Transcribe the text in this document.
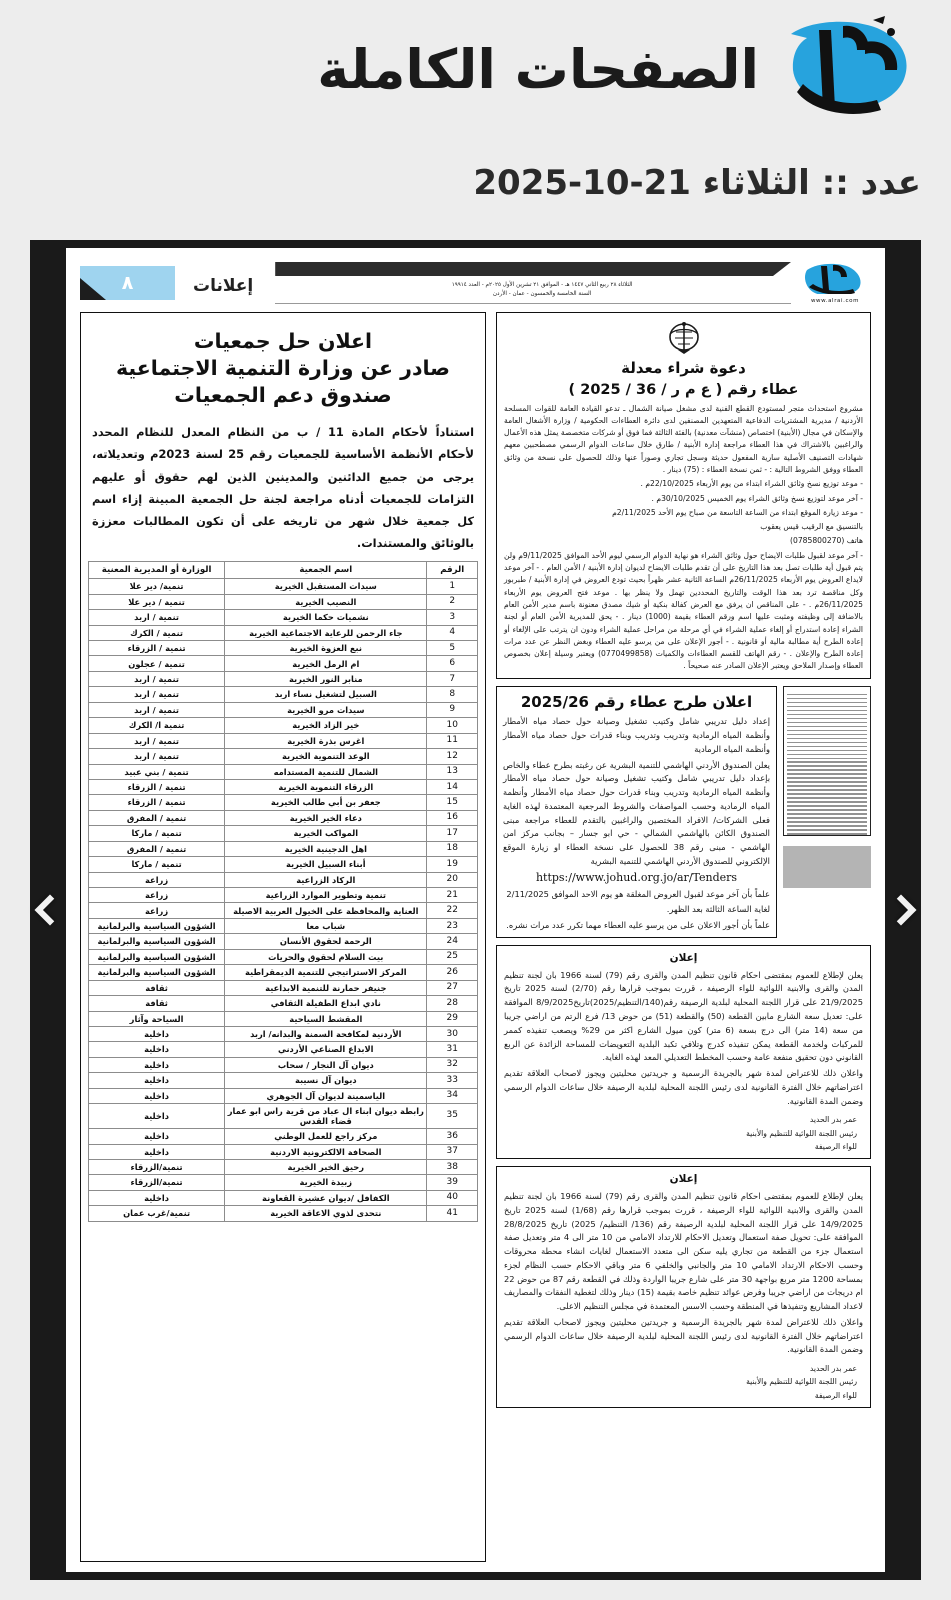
الصفحات الكاملة
عدد :: الثلاثاء 21-10-2025
٨	إعلانات	الثلاثاء ٢٨ ربيع الثاني ١٤٤٧ هـ - الموافق ٢١ تشرين الأول ٢٠٢٥م - العدد ١٩٩١٤
السنة الخامسة والخمسون - عمان - الأردن
www.alrai.com
دعوة شراء معدلة
عطاء رقم ( ع م ر / 36 / 2025 )
مشروع استحداث متجر لمستودع القطع الفنية لدى مشغل صيانة الشمال ـ تدعو القيادة العامة للقوات المسلحة الأردنية / مديرية المشتريات الدفاعية المتعهدين المصنفين لدى دائرة العطاءات الحكومية / وزارة الأشغال العامة والإسكان في مجال (الأبنية) اختصاص (منشآت معدنية) بالفئة الثالثة فما فوق أو شركات متخصصة يمثل هذه الأعمال والراغبين بالاشتراك في هذا العطاء مراجعة إدارة الأبنية / طارق خلال ساعات الدوام الرسمي مصطحبين معهم شهادات التصنيف الأصلية سارية المفعول حديثة وسجل تجاري وصوراً عنها وذلك للحصول على نسخة من وثائق العطاء ووفق الشروط التالية : - ثمن نسخة العطاء : (75) دينار .
- موعد توزيع نسخ وثائق الشراء ابتداء من يوم الأربعاء 22/10/2025م .
- آخر موعد لتوزيع نسخ وثائق الشراء يوم الخميس 30/10/2025م .
- موعد زيارة الموقع ابتداء من الساعة التاسعة من صباح يوم الأحد 2/11/2025م
بالتنسيق مع الرقيب قيس يعقوب
هاتف (0785800270)
- آخر موعد لقبول طلبات الايضاح حول وثائق الشراء هو نهاية الدوام الرسمي ليوم الأحد الموافق 9/11/2025م ولن يتم قبول أية طلبات تصل بعد هذا التاريخ على أن تقدم طلبات الايضاح لديوان إدارة الأبنية / الأمن العام . - آخر موعد لايداع العروض يوم الأربعاء 26/11/2025م الساعة الثانية عشر ظهراً بحيث تودع العروض في إدارة الأبنية / طبربور وكل مناقصة ترد بعد هذا الوقت والتاريخ المحددين تهمل ولا ينظر بها . موعد فتح العروض يوم الأربعاء 26/11/2025م . - على المناقص ان يرفق مع العرض كفالة بنكية أو شيك مصدق معنونة باسم مدير الأمن العام بالاضافة إلى وظيفته ومثبت عليها اسم ورقم العطاء بقيمة (1000) دينار . - يحق للمديرية الأمن العام أو لجنة الشراء إعادة استدراج أو إلغاء عملية الشراء في أي مرحلة من مراحل عملية الشراء ودون ان يترتب على الإلغاء أو إعادة الطرح أية مطالبة مالية أو قانونية . - أجور الإعلان على من يرسو عليه العطاء وبغض النظر عن عدد مرات إعادة الطرح والإعلان . - رقم الهاتف للقسم العطاءات والكميات (0770499858) ويعتبر وسيلة إعلان بخصوص العطاء وإصدار الملاحق ويعتبر الإعلان الصادر عنه صحيحاً .
اعلان طرح عطاء رقم 2025/26
إعداد دليل تدريبي شامل وكتيب تشغيل وصيانة حول حصاد مياه الأمطار وأنظمة المياه الرمادية وتدريب وتدريب وبناء قدرات حول حصاد مياه الأمطار وأنظمة المياه الرمادية
يعلن الصندوق الأردني الهاشمي للتنمية البشرية عن رغبته بطرح عطاء والخاص بإعداد دليل تدريبي شامل وكتيب تشغيل وصيانة حول حصاد مياه الأمطار وأنظمة المياه الرمادية وتدريب وبناء قدرات حول حصاد مياه الأمطار وأنظمة المياه الرمادية وحسب المواصفات والشروط المرجعية المعتمدة لهذه الغاية فعلى الشركات/ الافراد المختصين والراغبين بالتقدم للعطاء مراجعة مبنى الصندوق الكائن بالهاشمي الشمالي - حي ابو جسار – بجانب مركز امن الهاشمي - مبنى رقم 38 للحصول على نسخة العطاء او زيارة الموقع الإلكتروني للصندوق الأردني الهاشمي للتنمية البشرية
https://www.johud.org.jo/ar/Tenders
علماً بأن آخر موعد لقبول العروض المغلقة هو يوم الاحد الموافق 2/11/2025
لغاية الساعة الثالثة بعد الظهر.
علماً بأن أجور الاعلان على من يرسو عليه العطاء مهما تكرر عدد مرات نشره.
إعلان
يعلن لإطلاع للعموم بمقتضى احكام قانون تنظيم المدن والقرى رقم (79) لسنة 1966 بان لجنة تنظيم المدن والقرى والابنية اللوائية للواء الرصيفة ، قررت بموجب قرارها رقم (2/70) لسنة 2025 تاريخ 21/9/2025 على قرار اللجنة المحلية لبلدية الرصيفة رقم(140/التنظيم/2025)تاريخ8/9/2025 الموافقة على: تعديل سعة الشارع مابين القطعة (50) والقطعة (51) من حوض 13/ فرع الرتم من اراضي جريبا من سعة (14 متر) الى درج بسعة (6 متر) كون ميول الشارع اكثر من 29% ويصعب تنفيذه كممر للمركبات ولخدمة القطعة يمكن تنفيذه كدرج وتلافي تكبد البلدية التعويضات للمساحة الزائدة عن الربع القانوني دون تحقيق منفعة عامة وحسب المخطط التعديلي المعد لهذه الغاية.
واعلان ذلك للاعتراض لمدة شهر بالجريدة الرسمية و جريدتين محليتين ويجوز لاصحاب العلاقة تقديم اعتراضاتهم خلال الفترة القانونية لدى رئيس اللجنة المحلية لبلدية الرصيفة خلال ساعات الدوام الرسمي وضمن المدة القانونية.
عمر بدر الحديد
رئيس اللجنة اللوائية للتنظيم والأبنية
للواء الرصيفة
إعلان
يعلن لإطلاع للعموم بمقتضى احكام قانون تنظيم المدن والقرى رقم (79) لسنة 1966 بان لجنة تنظيم المدن والقرى والابنية اللوائية للواء الرصيفة ، قررت بموجب قرارها رقم (1/68) لسنة 2025 تاريخ 14/9/2025 على قرار اللجنة المحلية لبلدية الرصيفة رقم (136/ التنظيم/ 2025) تاريخ 28/8/2025 الموافقة على: تحويل صفة استعمال وتعديل الاحكام للارتداد الامامي من 10 متر الى 4 متر وتعديل صفة استعمال جزء من القطعة من تجاري يليه سكن الى متعدد الاستعمال لغايات انشاء محطة محروقات وحسب الاحكام الارتداد الامامي 10 متر والجانبي والخلفي 6 متر وباقي الاحكام حسب النظام لجزء بمساحة 1200 متر مربع بواجهة 30 متر على شارع جريبا الواردة وذلك في القطعة رقم 87 من حوض 22 ام دريجات من اراضي جريبا وفرض عوائد تنظيم خاصة بقيمة (15) دينار وذلك لتغطية النفقات والمصاريف لاعداد المشاريع وتنفيذها في المنطقة وحسب الاسس المعتمدة في مجلس التنظيم الاعلى.
واعلان ذلك للاعتراض لمدة شهر بالجريدة الرسمية و جريدتين محليتين ويجوز لاصحاب العلاقة تقديم اعتراضاتهم خلال الفترة القانونية لدى رئيس اللجنة المحلية لبلدية الرصيفة خلال ساعات الدوام الرسمي وضمن المدة القانونية.
عمر بدر الحديد
رئيس اللجنة اللوائية للتنظيم والأبنية
للواء الرصيفة
اعلان حل جمعيات
صادر عن وزارة التنمية الاجتماعية
صندوق دعم الجمعيات
استناداً لأحكام المادة 11 / ب من النظام المعدل للنظام المحدد لأحكام الأنظمة الأساسية للجمعيات رقم 25 لسنة 2023م وتعديلاته، يرجى من جميع الدائنين والمدينين الذين لهم حقوق أو عليهم التزامات للجمعيات أدناه مراجعة لجنة حل الجمعية المبينة إزاء اسم كل جمعية خلال شهر من تاريخه على أن تكون المطالبات معززة بالوثائق والمستندات.
الرقم	اسم الجمعية	الوزارة أو المديرية المعنية
1	سيدات المستقبل الخيرية	تنمية/ دير علا
2	النصيب الخيرية	تنمية / دير علا
3	نشميات حكما الخيرية	تنمية / اربد
4	جاء الرحمن للرعاية الاجتماعية الخيرية	تنمية / الكرك
5	نبع العزوة الخيرية	تنمية / الزرقاء
6	ام الرمل الخيرية	تنمية / عجلون
7	منابر النور الخيرية	تنمية / اربد
8	السبيل لتشغيل نساء اربد	تنمية / اربد
9	سيدات مرو الخيرية	تنمية / اربد
10	خير الزاد الخيرية	تنمية ا/ الكرك
11	اغرس بذرة الخيرية	تنمية / اربد
12	الوعد التنموية الخيرية	تنمية / اربد
13	الشمال للتنمية المستدامه	تنمية / بني عبيد
14	الزرقاء التنموية الخيرية	تنمية / الزرقاء
15	جعفر بن أبي طالب الخيرية	تنمية / الزرقاء
16	دعاء الخير الخيرية	تنمية / المفرق
17	المواكب الخيرية	تنمية / ماركا
18	اهل الدجينية الخيرية	تنمية / المفرق
19	أبناء السبيل الخيرية	تنمية / ماركا
20	الركاد الزراعية	زراعة
21	تنمية وتطوير الموارد الزراعية	زراعة
22	العناية والمحافظة على الخيول العربية الاصيلة	زراعة
23	شباب معا	الشؤون السياسية والبرلمانية
24	الرحمة لحقوق الأنسان	الشؤون السياسية والبرلمانية
25	بيت السلام لحقوق والحريات	الشؤون السياسية والبرلمانية
26	المركز الاستراتيجي للتنمية الديمقراطية	الشؤون السياسية والبرلمانية
27	جنيفر حمارنة للتنمية الابداعية	ثقافة
28	نادي ابداع الطفيلة الثقافي	ثقافة
29	المقشط السياحية	السياحة وآثار
30	الأردنية لمكافحة السمنة والبدانه/ اربد	داخلية
31	الابداع الصناعي الأردني	داخلية
32	ديوان آل النجار / سحاب	داخلية
33	ديوان آل نسيبة	داخلية
34	الياسمينة لديوان آل الجوهري	داخلية
35	رابطة ديوان ابناء ال عباد من قرية راس ابو عمار قضاء القدس	داخلية
36	مركز راجع للعمل الوطني	داخلية
37	الصحافة الالكترونية الاردنية	داخلية
38	رحيق الخير الخيرية	تنمية/الزرقاء
39	زبيدة الخيرية	تنمية/الزرقاء
40	الكفافل /ديوان عشيرة القعاونة	داخلية
41	نتحدى لذوي الاعاقة الخيرية	تنمية/غرب عمان
